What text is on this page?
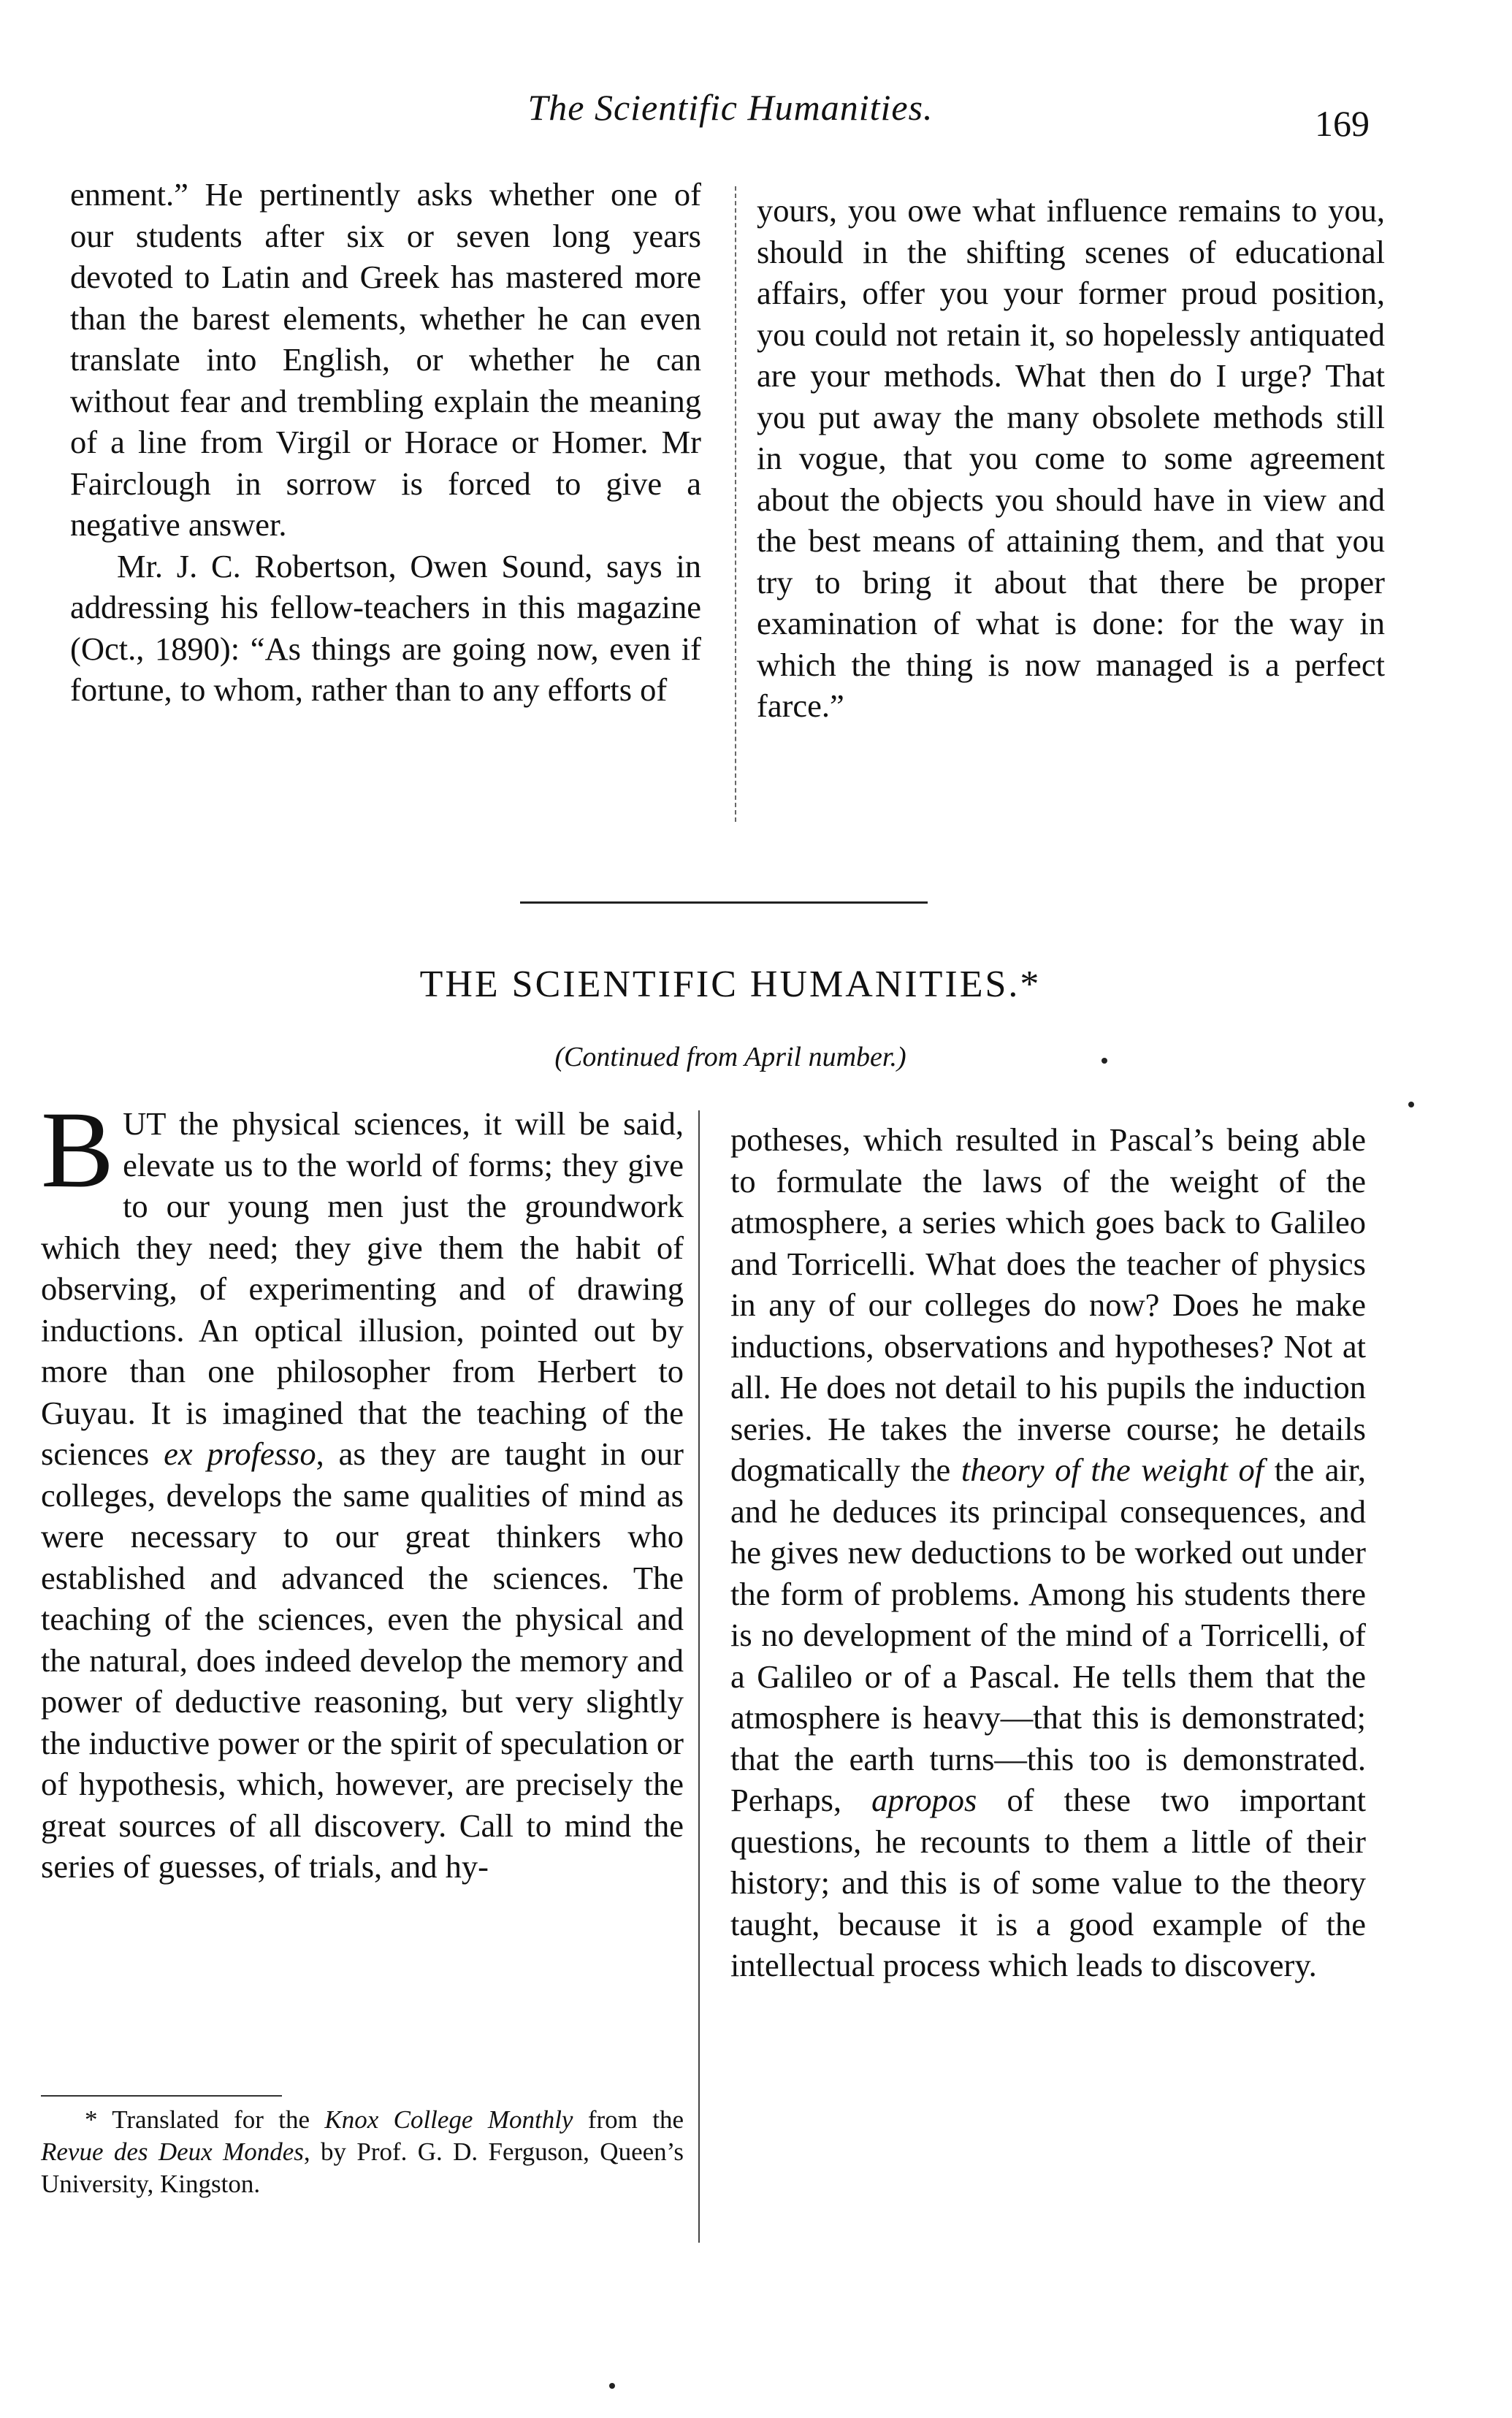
The Scientific Humanities.	169

enment.” He pertinently asks whether one of our students after six or seven long years devoted to Latin and Greek has mastered more than the barest elements, whether he can even translate into English, or whether he can without fear and trembling explain the meaning of a line from Virgil or Horace or Homer. Mr Fairclough in sorrow is forced to give a negative answer.

Mr. J. C. Robertson, Owen Sound, says in addressing his fellow-teachers in this magazine (Oct., 1890): “As things are going now, even if fortune, to whom, rather than to any efforts of

yours, you owe what influence remains to you, should in the shifting scenes of educational affairs, offer you your former proud position, you could not retain it, so hopelessly antiquated are your methods. What then do I urge? That you put away the many obsolete methods still in vogue, that you come to some agreement about the objects you should have in view and the best means of attaining them, and that you try to bring it about that there be proper examination of what is done: for the way in which the thing is now managed is a perfect farce.”

THE SCIENTIFIC HUMANITIES.*
(Continued from April number.)

BUT the physical sciences, it will be said, elevate us to the world of forms; they give to our young men just the groundwork which they need; they give them the habit of observing, of experimenting and of drawing inductions. An optical illusion, pointed out by more than one philosopher from Herbert to Guyau. It is imagined that the teaching of the sciences ex professo, as they are taught in our colleges, develops the same qualities of mind as were necessary to our great thinkers who established and advanced the sciences. The teaching of the sciences, even the physical and the natural, does indeed develop the memory and power of deductive reasoning, but very slightly the inductive power or the spirit of speculation or of hypothesis, which, however, are precisely the great sources of all discovery. Call to mind the series of guesses, of trials, and hy-

potheses, which resulted in Pascal’s being able to formulate the laws of the weight of the atmosphere, a series which goes back to Galileo and Torricelli. What does the teacher of physics in any of our colleges do now? Does he make inductions, observations and hypotheses? Not at all. He does not detail to his pupils the induction series. He takes the inverse course; he details dogmatically the theory of the weight of the air, and he deduces its principal consequences, and he gives new deductions to be worked out under the form of problems. Among his students there is no development of the mind of a Torricelli, of a Galileo or of a Pascal. He tells them that the atmosphere is heavy—that this is demonstrated; that the earth turns—this too is demonstrated. Perhaps, apropos of these two important questions, he recounts to them a little of their history; and this is of some value to the theory taught, because it is a good example of the intellectual process which leads to discovery.

* Translated for the Knox College Monthly from the Revue des Deux Mondes, by Prof. G. D. Ferguson, Queen’s University, Kingston.
